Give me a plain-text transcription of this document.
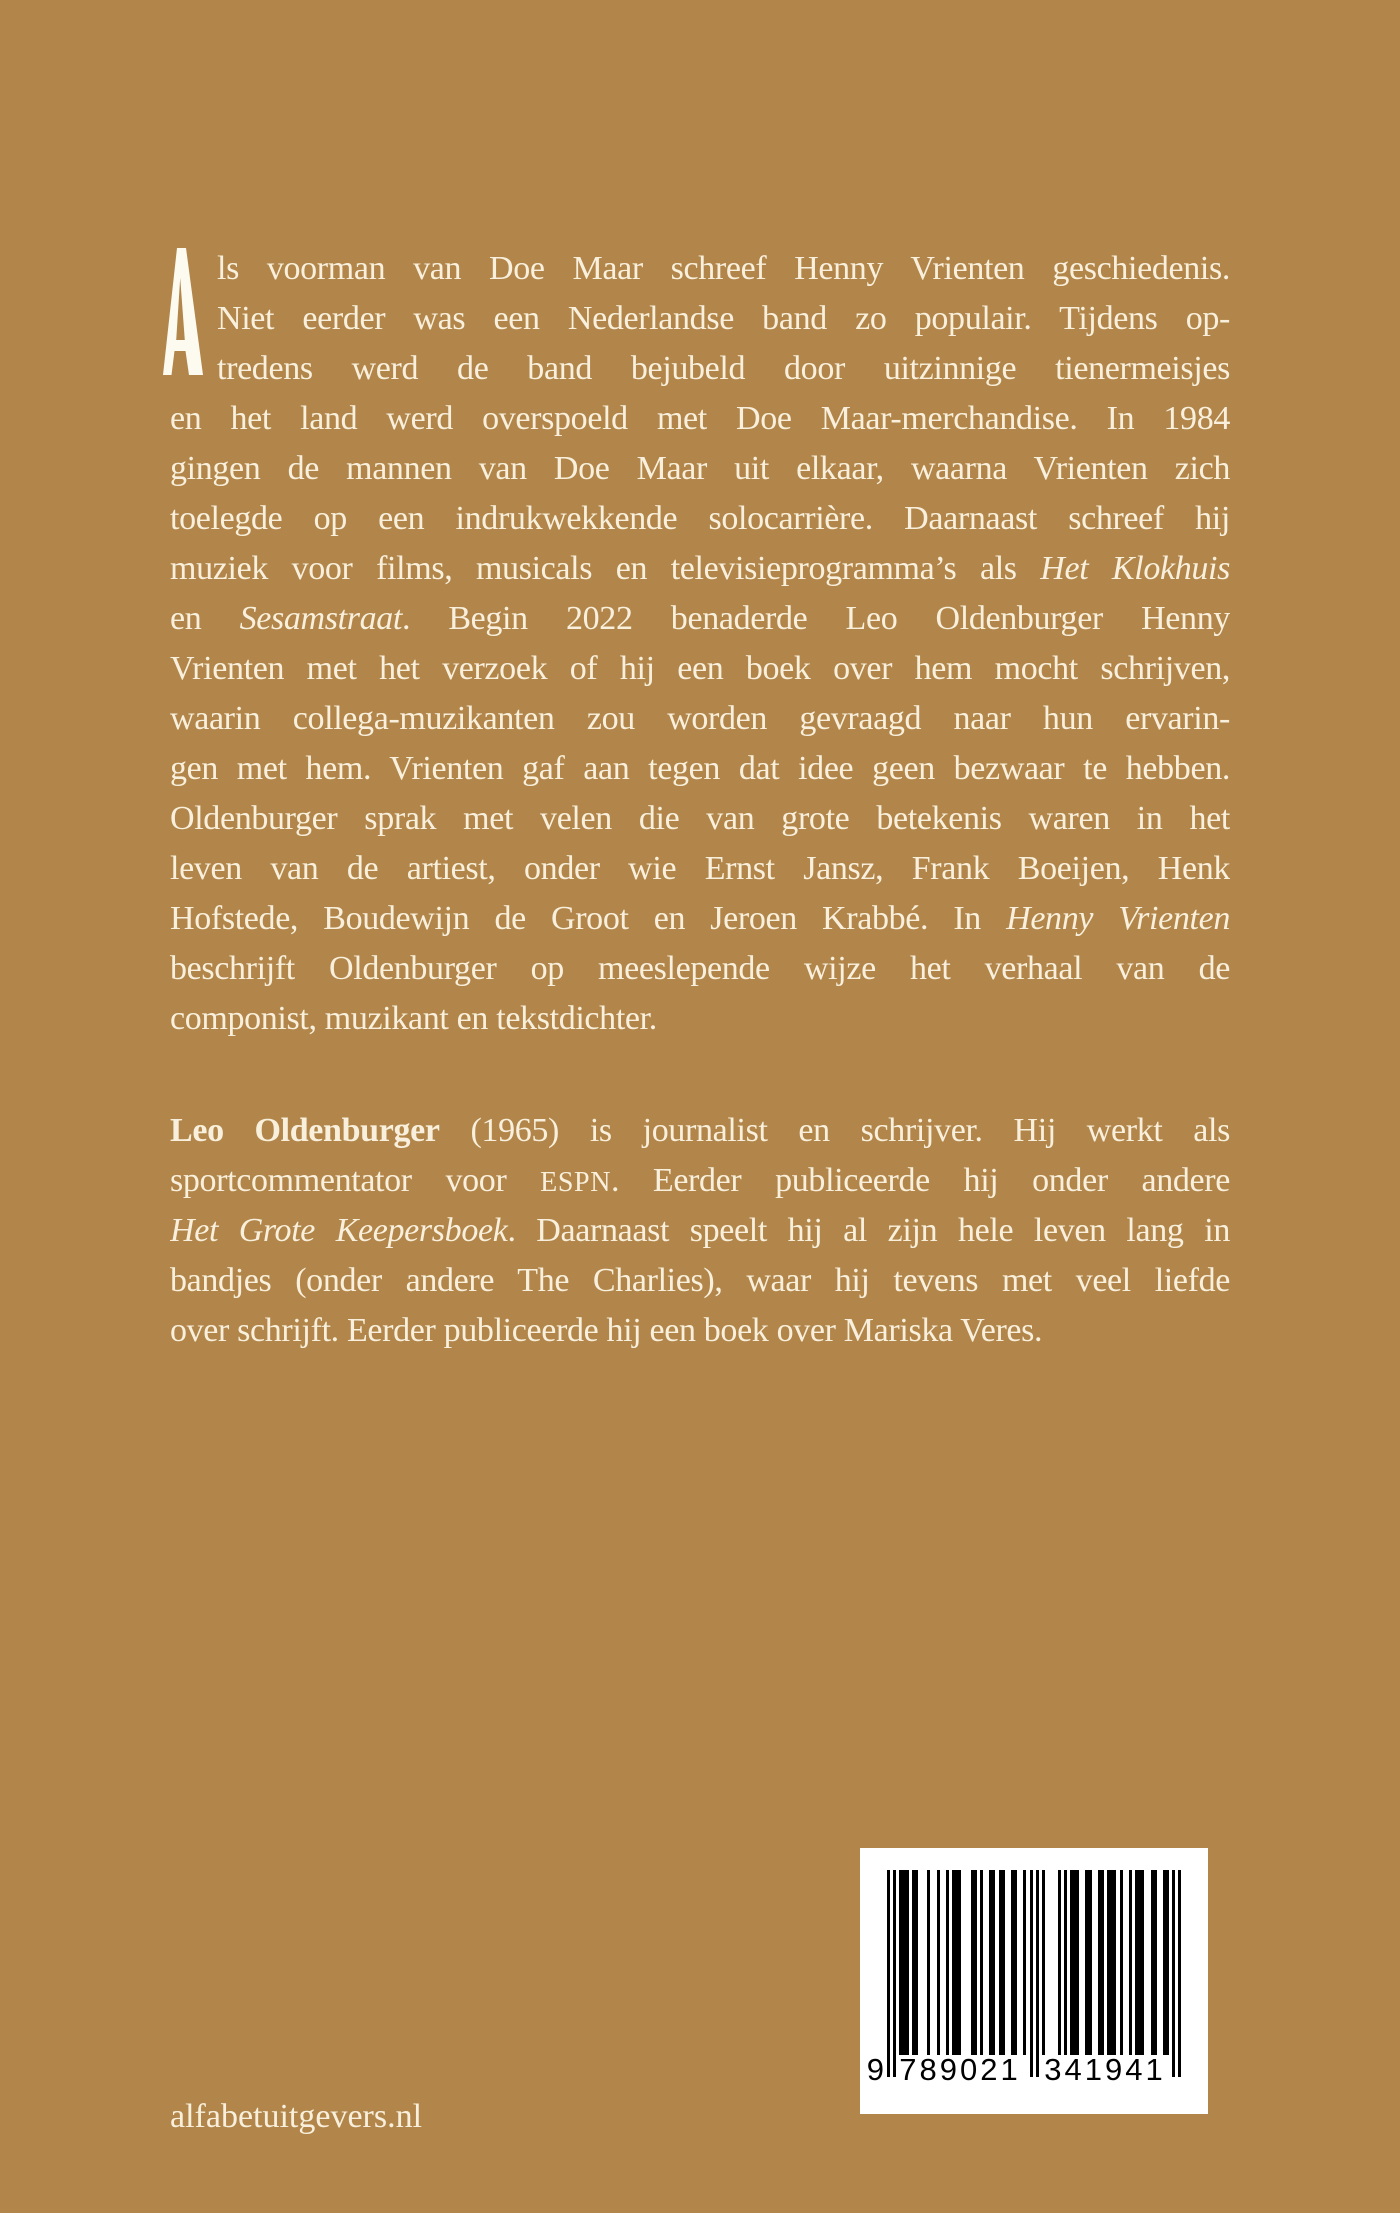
ls voorman van Doe Maar schreef Henny Vrienten geschiedenis.
Niet eerder was een Nederlandse band zo populair. Tijdens op-
tredens werd de band bejubeld door uitzinnige tienermeisjes
en het land werd overspoeld met Doe Maar-merchandise. In 1984
gingen de mannen van Doe Maar uit elkaar, waarna Vrienten zich
toelegde op een indrukwekkende solocarrière. Daarnaast schreef hij
muziek voor films, musicals en televisieprogramma’s als Het Klokhuis
en Sesamstraat. Begin 2022 benaderde Leo Oldenburger Henny
Vrienten met het verzoek of hij een boek over hem mocht schrijven,
waarin collega-muzikanten zou worden gevraagd naar hun ervarin-
gen met hem. Vrienten gaf aan tegen dat idee geen bezwaar te hebben.
Oldenburger sprak met velen die van grote betekenis waren in het
leven van de artiest, onder wie Ernst Jansz, Frank Boeijen, Henk
Hofstede, Boudewijn de Groot en Jeroen Krabbé. In Henny Vrienten
beschrijft Oldenburger op meeslepende wijze het verhaal van de
componist, muzikant en tekstdichter.
Leo Oldenburger (1965) is journalist en schrijver. Hij werkt als
sportcommentator voor ESPN. Eerder publiceerde hij onder andere
Het Grote Keepersboek. Daarnaast speelt hij al zijn hele leven lang in
bandjes (onder andere The Charlies), waar hij tevens met veel liefde
over schrijft. Eerder publiceerde hij een boek over Mariska Veres.
alfabetuitgevers.nl
9 789021 341941
